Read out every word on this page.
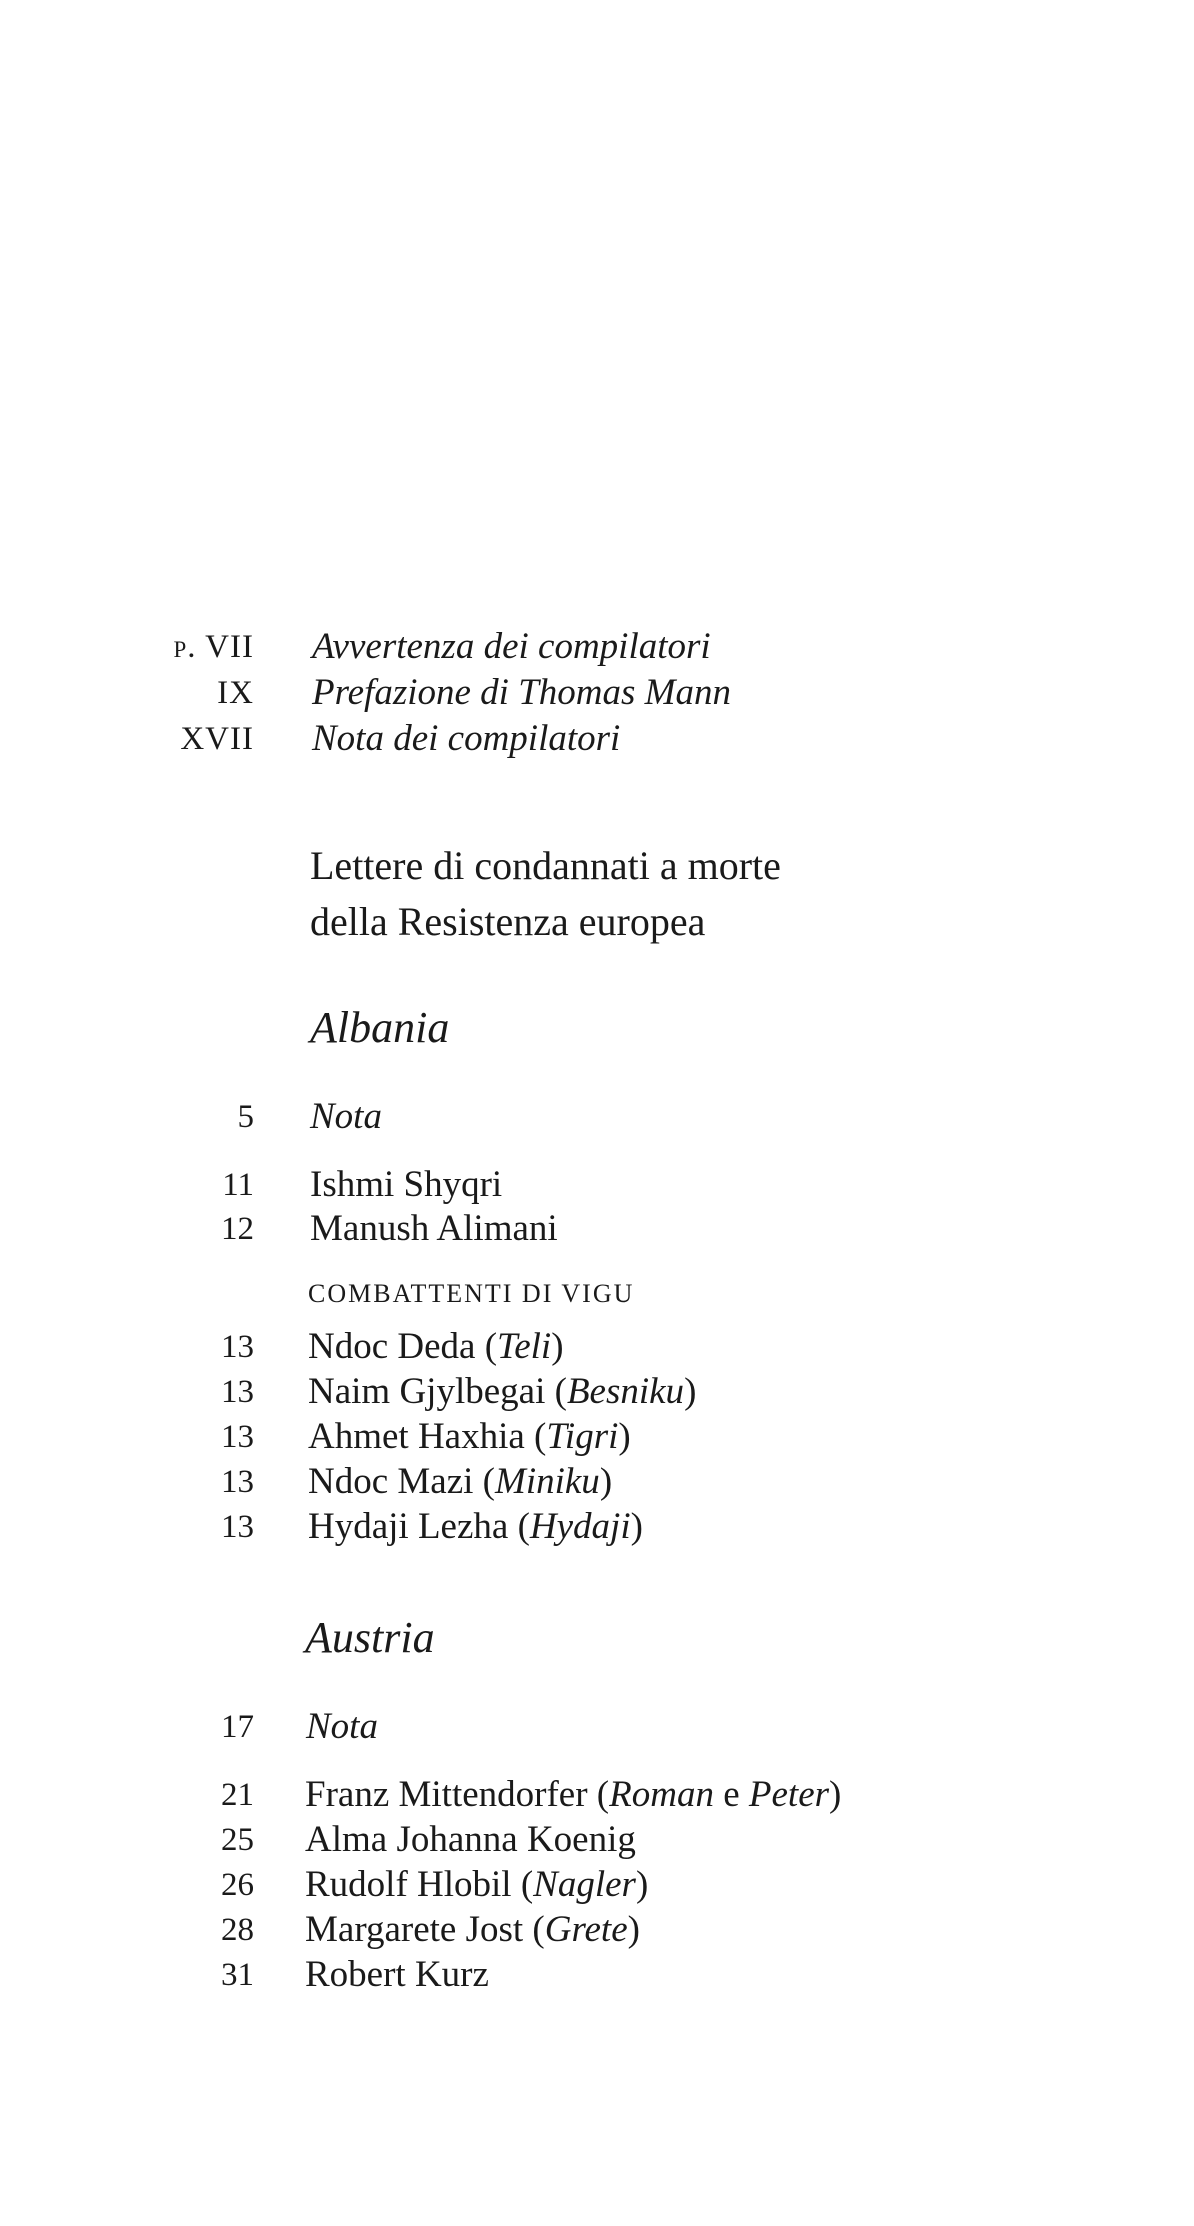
p. VII Avvertenza dei compilatori
IX Prefazione di Thomas Mann
XVII Nota dei compilatori
Lettere di condannati a morte
della Resistenza europea
Albania
5 Nota
11 Ishmi Shyqri
12 Manush Alimani
COMBATTENTI DI VIGU
13 Ndoc Deda (Teli)
13 Naim Gjylbegai (Besniku)
13 Ahmet Haxhia (Tigri)
13 Ndoc Mazi (Miniku)
13 Hydaji Lezha (Hydaji)
Austria
17 Nota
21 Franz Mittendorfer (Roman e Peter)
25 Alma Johanna Koenig
26 Rudolf Hlobil (Nagler)
28 Margarete Jost (Grete)
31 Robert Kurz
